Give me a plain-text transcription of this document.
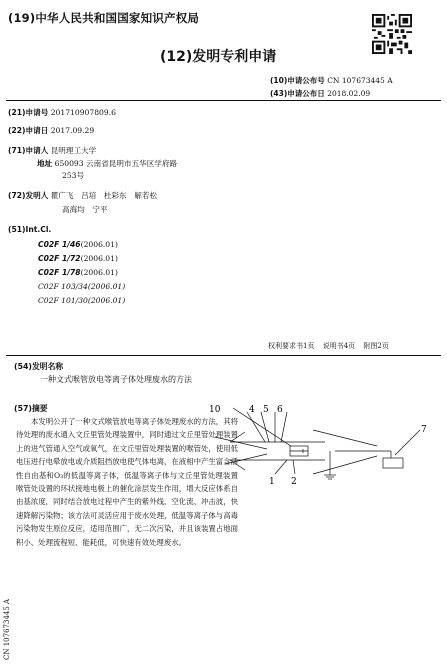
(19)中华人民共和国国家知识产权局
(12)发明专利申请
(10)申请公布号 CN 107673445 A
(43)申请公布日 2018.02.09
(21)申请号 201710907809.6
(22)申请日 2017.09.29
(71)申请人 昆明理工大学
地址 650093 云南省昆明市五华区学府路
253号
(72)发明人 瞿广飞　吕培　杜彩东　解若松
高海均　宁平
(51)Int.Cl.
C02F 1/46(2006.01)
C02F 1/72(2006.01)
C02F 1/78(2006.01)
C02F 103/34(2006.01)
C02F 101/30(2006.01)
权利要求书1页 说明书4页 附图2页
(54)发明名称
一种文式喉管放电等离子体处理废水的方法
(57)摘要
本发明公开了一种文式喉管放电等离子体处理废水的方法，其将待处理的废水通入文丘里管处理装置中，同时通过文丘里管处理装置上的进气管通入空气或氧气，在文丘里管处理装置的喉管处，使用低电压进行电晕放电或介质阻挡放电使气体电离，在液相中产生富含活性自由基和O₃的低温等离子体，低温等离子体与文丘里管处理装置喉管处设置的环状接地电极上的催化涂层发生作用，增大反应体系自由基浓度，同时结合放电过程中产生的紫外线、空化流、冲击波，快速降解污染物；该方法可灵活应用于废水处理，低温等离子体与高毒污染物发生原位反应，适用范围广，无二次污染，并且该装置占地面积小、处理流程短、能耗低，可快速有效处理废水。
CN 107673445 A
10	4 5 6
7
1 2
